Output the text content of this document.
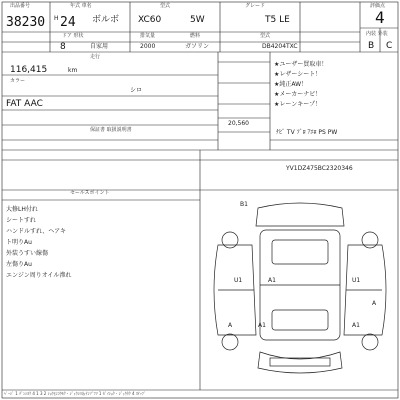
出品番号	年式 車名	型式	グレード	評価点
38230 H 24 ボルボ XC60	5W	T5 LE	4
ドア 形状	排気量	燃料	型式
8	自家用	2000	ガソリン	DB4204TXC
内装 外装
B C
走行
116,415	km
カラー
シロ
FAT AAC
20,560
保証書 取扱説明書
★ユーザー買取車！
★レザーシート！
★純正AW！
★メーカーナビ！
★レーンキープ！
ﾅﾋﾞ TV ﾌﾞﾛ ｱｴﾛ PS PW
YV1DZ475BC2320346
セールスポイント
大修LH付れ
シートすれ
ハンドルすれ、ヘアキ
ト明りAu
外装うすい線傷
左傷りAu
エンジン周りオイル滲れ
B1
U1	A1	U1
A	A1
A
A1
ﾍﾟｰｼﾞ 1 ﾃﾞﾝｼﾖｸ 4 1 3 2 ｼｮｳﾋﾝｺｳﾓｸ・ｼﾞｭｳｼﾖ＆ﾃﾝｿﾞﾏﾂ 1 ｶﾞｲｼｮｸ・ｼﾞｭｳﾀｸ 4 ｽﾃｯﾌﾟ
